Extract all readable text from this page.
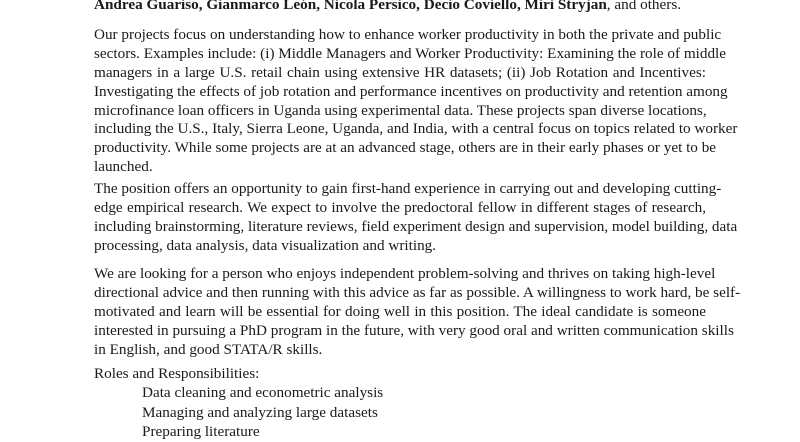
Andrea Guariso, Gianmarco León, Nicola Persico, Decio Coviello, Miri Stryjan, and others.

Our projects focus on understanding how to enhance worker productivity in both the private and public
sectors. Examples include: (i) Middle Managers and Worker Productivity: Examining the role of middle
managers in a large U.S. retail chain using extensive HR datasets; (ii) Job Rotation and Incentives:
Investigating the effects of job rotation and performance incentives on productivity and retention among
microfinance loan officers in Uganda using experimental data. These projects span diverse locations,
including the U.S., Italy, Sierra Leone, Uganda, and India, with a central focus on topics related to worker
productivity. While some projects are at an advanced stage, others are in their early phases or yet to be
launched.

The position offers an opportunity to gain first-hand experience in carrying out and developing cutting-
edge empirical research. We expect to involve the predoctoral fellow in different stages of research,
including brainstorming, literature reviews, field experiment design and supervision, model building, data
processing, data analysis, data visualization and writing.

We are looking for a person who enjoys independent problem-solving and thrives on taking high-level
directional advice and then running with this advice as far as possible. A willingness to work hard, be self-
motivated and learn will be essential for doing well in this position. The ideal candidate is someone
interested in pursuing a PhD program in the future, with very good oral and written communication skills
in English, and good STATA/R skills.

Roles and Responsibilities:
Data cleaning and econometric analysis
Managing and analyzing large datasets
Preparing literature
